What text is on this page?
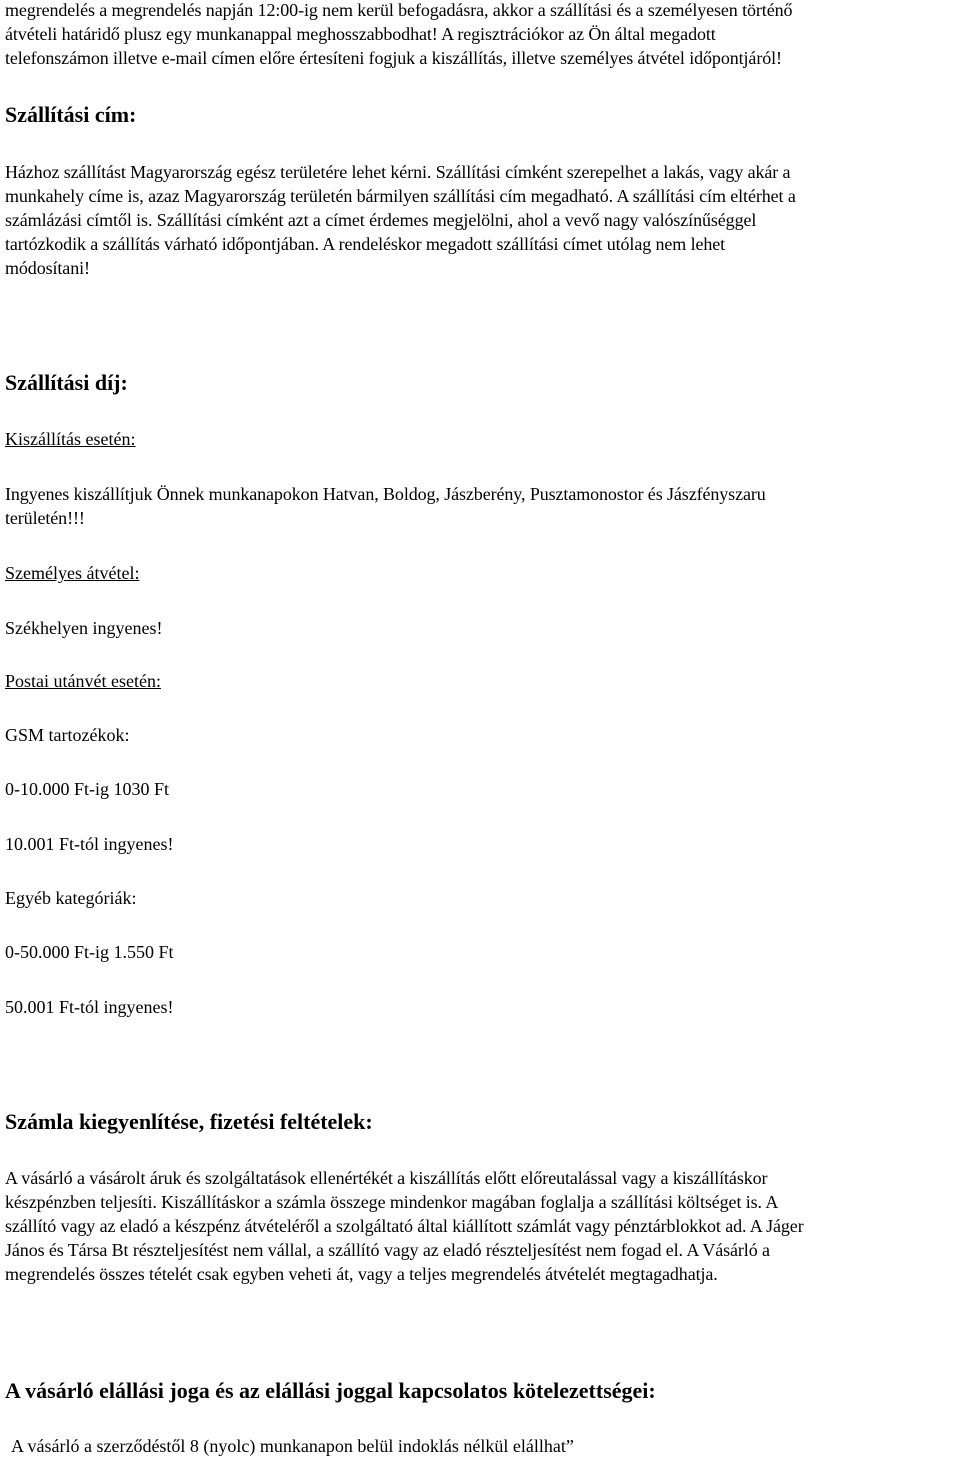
megrendelés a megrendelés napján 12:00-ig nem kerül befogadásra, akkor a szállítási és a személyesen történő

átvételi határidő plusz egy munkanappal meghosszabbodhat! A regisztrációkor az Ön által megadott

telefonszámon illetve e-mail címen előre értesíteni fogjuk a kiszállítás, illetve személyes átvétel időpontjáról!

Szállítási cím:

Házhoz szállítást Magyarország egész területére lehet kérni. Szállítási címként szerepelhet a lakás, vagy akár a

munkahely címe is, azaz Magyarország területén bármilyen szállítási cím megadható. A szállítási cím eltérhet a

számlázási címtől is. Szállítási címként azt a címet érdemes megjelölni, ahol a vevő nagy valószínűséggel

tartózkodik a szállítás várható időpontjában. A rendeléskor megadott szállítási címet utólag nem lehet

módosítani!

Szállítási díj:

Kiszállítás esetén:

Ingyenes kiszállítjuk Önnek munkanapokon Hatvan, Boldog, Jászberény, Pusztamonostor és Jászfényszaru

területén!!!

Személyes átvétel:

Székhelyen ingyenes!

Postai utánvét esetén:

GSM tartozékok:

0-10.000 Ft-ig 1030 Ft

10.001 Ft-tól ingyenes!

Egyéb kategóriák:

0-50.000 Ft-ig 1.550 Ft

50.001 Ft-tól ingyenes!

Számla kiegyenlítése, fizetési feltételek:

A vásárló a vásárolt áruk és szolgáltatások ellenértékét a kiszállítás előtt előreutalással vagy a kiszállításkor

készpénzben teljesíti. Kiszállításkor a számla összege mindenkor magában foglalja a szállítási költséget is. A

szállító vagy az eladó a készpénz átvételéről a szolgáltató által kiállított számlát vagy pénztárblokkot ad. A Jáger

János és Társa Bt részteljesítést nem vállal, a szállító vagy az eladó részteljesítést nem fogad el. A Vásárló a

megrendelés összes tételét csak egyben veheti át, vagy a teljes megrendelés átvételét megtagadhatja.

A vásárló elállási joga és az elállási joggal kapcsolatos kötelezettségei:

A vásárló a szerződéstől 8 (nyolc) munkanapon belül indoklás nélkül elállhat”
